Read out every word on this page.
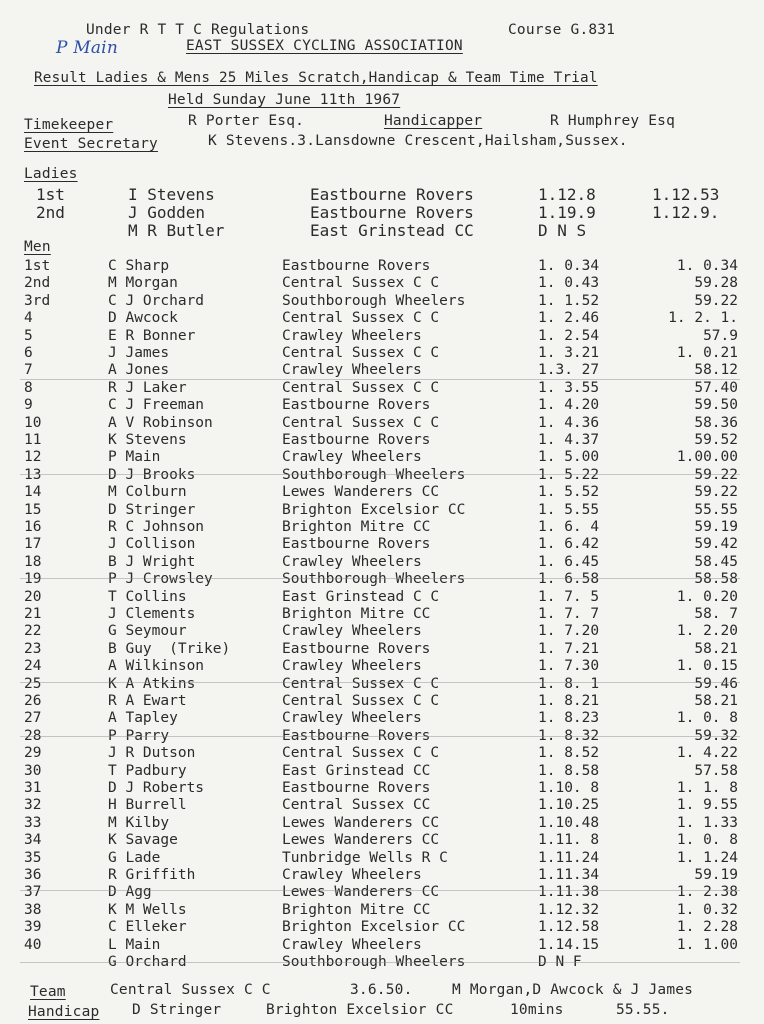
Under R T T C Regulations	Course G.831
P Main	EAST SUSSEX CYCLING ASSOCIATION
Result Ladies & Mens 25 Miles Scratch,Handicap & Team Time Trial
Held Sunday June 11th 1967
Timekeeper	R Porter Esq.	Handicapper	R Humphrey Esq
Event Secretary	K Stevens.3.Lansdowne Crescent,Hailsham,Sussex.
Ladies
1st	I Stevens	Eastbourne Rovers	1.12.8	1.12.53
2nd	J Godden	Eastbourne Rovers	1.19.9	1.12.9.
M R Butler	East Grinstead CC	D N S
Men
1st	C Sharp	Eastbourne Rovers	1. 0.34	1. 0.34
2nd	M Morgan	Central Sussex C C	1. 0.43	59.28
3rd	C J Orchard	Southborough Wheelers	1. 1.52	59.22
4	D Awcock	Central Sussex C C	1. 2.46	1. 2. 1.
5	E R Bonner	Crawley Wheelers	1. 2.54	57.9
6	J James	Central Sussex C C	1. 3.21	1. 0.21
7	A Jones	Crawley Wheelers	1.3. 27	58.12
8	R J Laker	Central Sussex C C	1. 3.55	57.40
9	C J Freeman	Eastbourne Rovers	1. 4.20	59.50
10	A V Robinson	Central Sussex C C	1. 4.36	58.36
11	K Stevens	Eastbourne Rovers	1. 4.37	59.52
12	P Main	Crawley Wheelers	1. 5.00	1.00.00
13	D J Brooks	Southborough Wheelers	1. 5.22	59.22
14	M Colburn	Lewes Wanderers CC	1. 5.52	59.22
15	D Stringer	Brighton Excelsior CC	1. 5.55	55.55
16	R C Johnson	Brighton Mitre CC	1. 6. 4	59.19
17	J Collison	Eastbourne Rovers	1. 6.42	59.42
18	B J Wright	Crawley Wheelers	1. 6.45	58.45
19	P J Crowsley	Southborough Wheelers	1. 6.58	58.58
20	T Collins	East Grinstead C C	1. 7. 5	1. 0.20
21	J Clements	Brighton Mitre CC	1. 7. 7	58. 7
22	G Seymour	Crawley Wheelers	1. 7.20	1. 2.20
23	B Guy  (Trike)	Eastbourne Rovers	1. 7.21	58.21
24	A Wilkinson	Crawley Wheelers	1. 7.30	1. 0.15
25	K A Atkins	Central Sussex C C	1. 8. 1	59.46
26	R A Ewart	Central Sussex C C	1. 8.21	58.21
27	A Tapley	Crawley Wheelers	1. 8.23	1. 0. 8
28	P Parry	Eastbourne Rovers	1. 8.32	59.32
29	J R Dutson	Central Sussex C C	1. 8.52	1. 4.22
30	T Padbury	East Grinstead CC	1. 8.58	57.58
31	D J Roberts	Eastbourne Rovers	1.10. 8	1. 1. 8
32	H Burrell	Central Sussex CC	1.10.25	1. 9.55
33	M Kilby	Lewes Wanderers CC	1.10.48	1. 1.33
34	K Savage	Lewes Wanderers CC	1.11. 8	1. 0. 8
35	G Lade	Tunbridge Wells R C	1.11.24	1. 1.24
36	R Griffith	Crawley Wheelers	1.11.34	59.19
37	D Agg	Lewes Wanderers CC	1.11.38	1. 2.38
38	K M Wells	Brighton Mitre CC	1.12.32	1. 0.32
39	C Elleker	Brighton Excelsior CC	1.12.58	1. 2.28
40	L Main	Crawley Wheelers	1.14.15	1. 1.00
G Orchard	Southborough Wheelers	D N F
Team	Central Sussex C C	3.6.50.	M Morgan,D Awcock & J James
Handicap D Stringer	Brighton Excelsior CC	10mins	55.55.
